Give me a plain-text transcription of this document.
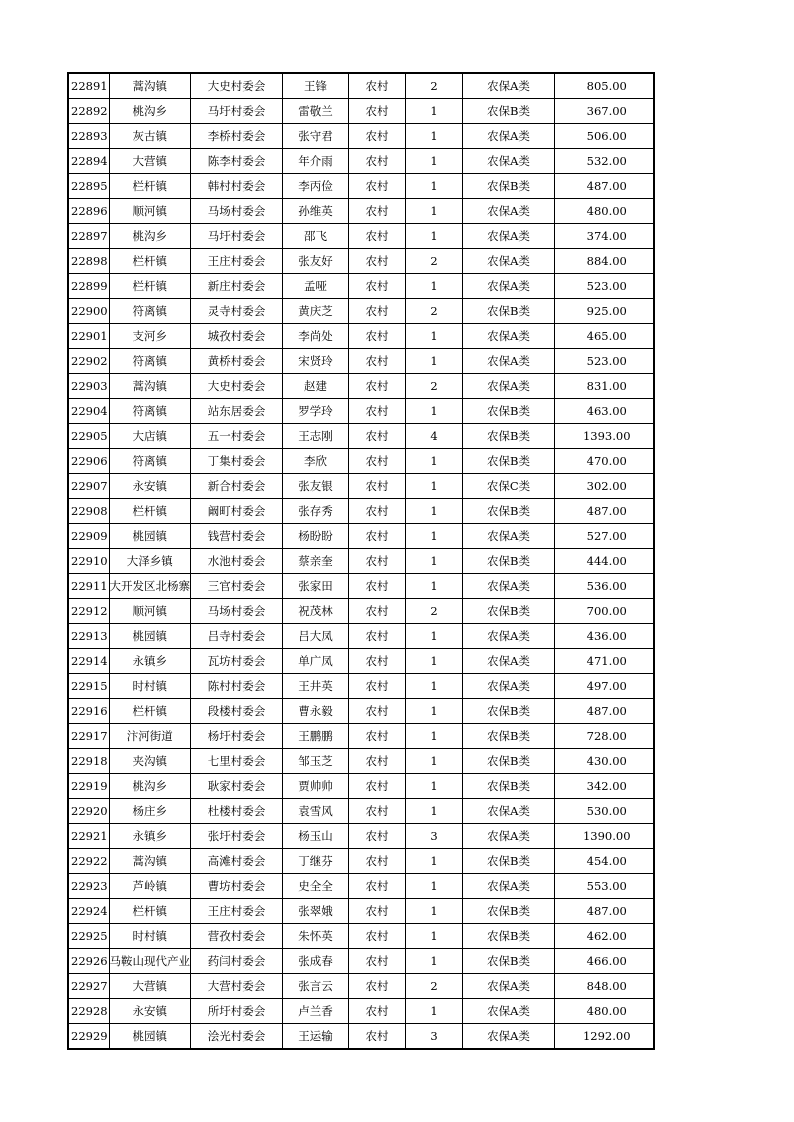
22891	蒿沟镇	大史村委会	王锋	农村	2	农保A类	805.00
22892	桃沟乡	马圩村委会	雷敬兰	农村	1	农保B类	367.00
22893	灰古镇	李桥村委会	张守君	农村	1	农保A类	506.00
22894	大营镇	陈李村委会	年介雨	农村	1	农保A类	532.00
22895	栏杆镇	韩村村委会	李丙俭	农村	1	农保B类	487.00
22896	顺河镇	马场村委会	孙维英	农村	1	农保A类	480.00
22897	桃沟乡	马圩村委会	邵飞	农村	1	农保A类	374.00
22898	栏杆镇	王庄村委会	张友好	农村	2	农保A类	884.00
22899	栏杆镇	新庄村委会	孟哑	农村	1	农保A类	523.00
22900	符离镇	灵寺村委会	黄庆芝	农村	2	农保B类	925.00
22901	支河乡	城孜村委会	李尚处	农村	1	农保A类	465.00
22902	符离镇	黄桥村委会	宋贤玲	农村	1	农保A类	523.00
22903	蒿沟镇	大史村委会	赵建	农村	2	农保A类	831.00
22904	符离镇	站东居委会	罗学玲	农村	1	农保B类	463.00
22905	大店镇	五一村委会	王志刚	农村	4	农保B类	1393.00
22906	符离镇	丁集村委会	李欣	农村	1	农保B类	470.00
22907	永安镇	新合村委会	张友银	农村	1	农保C类	302.00
22908	栏杆镇	阚町村委会	张存秀	农村	1	农保B类	487.00
22909	桃园镇	钱营村委会	杨盼盼	农村	1	农保A类	527.00
22910	大泽乡镇	水池村委会	蔡亲奎	农村	1	农保B类	444.00
22911	大开发区北杨寨	三官村委会	张家田	农村	1	农保A类	536.00
22912	顺河镇	马场村委会	祝茂林	农村	2	农保B类	700.00
22913	桃园镇	吕寺村委会	吕大凤	农村	1	农保A类	436.00
22914	永镇乡	瓦坊村委会	单广凤	农村	1	农保A类	471.00
22915	时村镇	陈村村委会	王井英	农村	1	农保A类	497.00
22916	栏杆镇	段楼村委会	曹永毅	农村	1	农保B类	487.00
22917	汴河街道	杨圩村委会	王鹏鹏	农村	1	农保B类	728.00
22918	夹沟镇	七里村委会	邹玉芝	农村	1	农保B类	430.00
22919	桃沟乡	耿家村委会	贾帅帅	农村	1	农保B类	342.00
22920	杨庄乡	杜楼村委会	袁雪风	农村	1	农保A类	530.00
22921	永镇乡	张圩村委会	杨玉山	农村	3	农保A类	1390.00
22922	蒿沟镇	高滩村委会	丁继芬	农村	1	农保B类	454.00
22923	芦岭镇	曹坊村委会	史全全	农村	1	农保A类	553.00
22924	栏杆镇	王庄村委会	张翠娥	农村	1	农保B类	487.00
22925	时村镇	营孜村委会	朱怀英	农村	1	农保B类	462.00
22926	马鞍山现代产业	药闫村委会	张成春	农村	1	农保B类	466.00
22927	大营镇	大营村委会	张言云	农村	2	农保A类	848.00
22928	永安镇	所圩村委会	卢兰香	农村	1	农保A类	480.00
22929	桃园镇	浍光村委会	王运输	农村	3	农保A类	1292.00
